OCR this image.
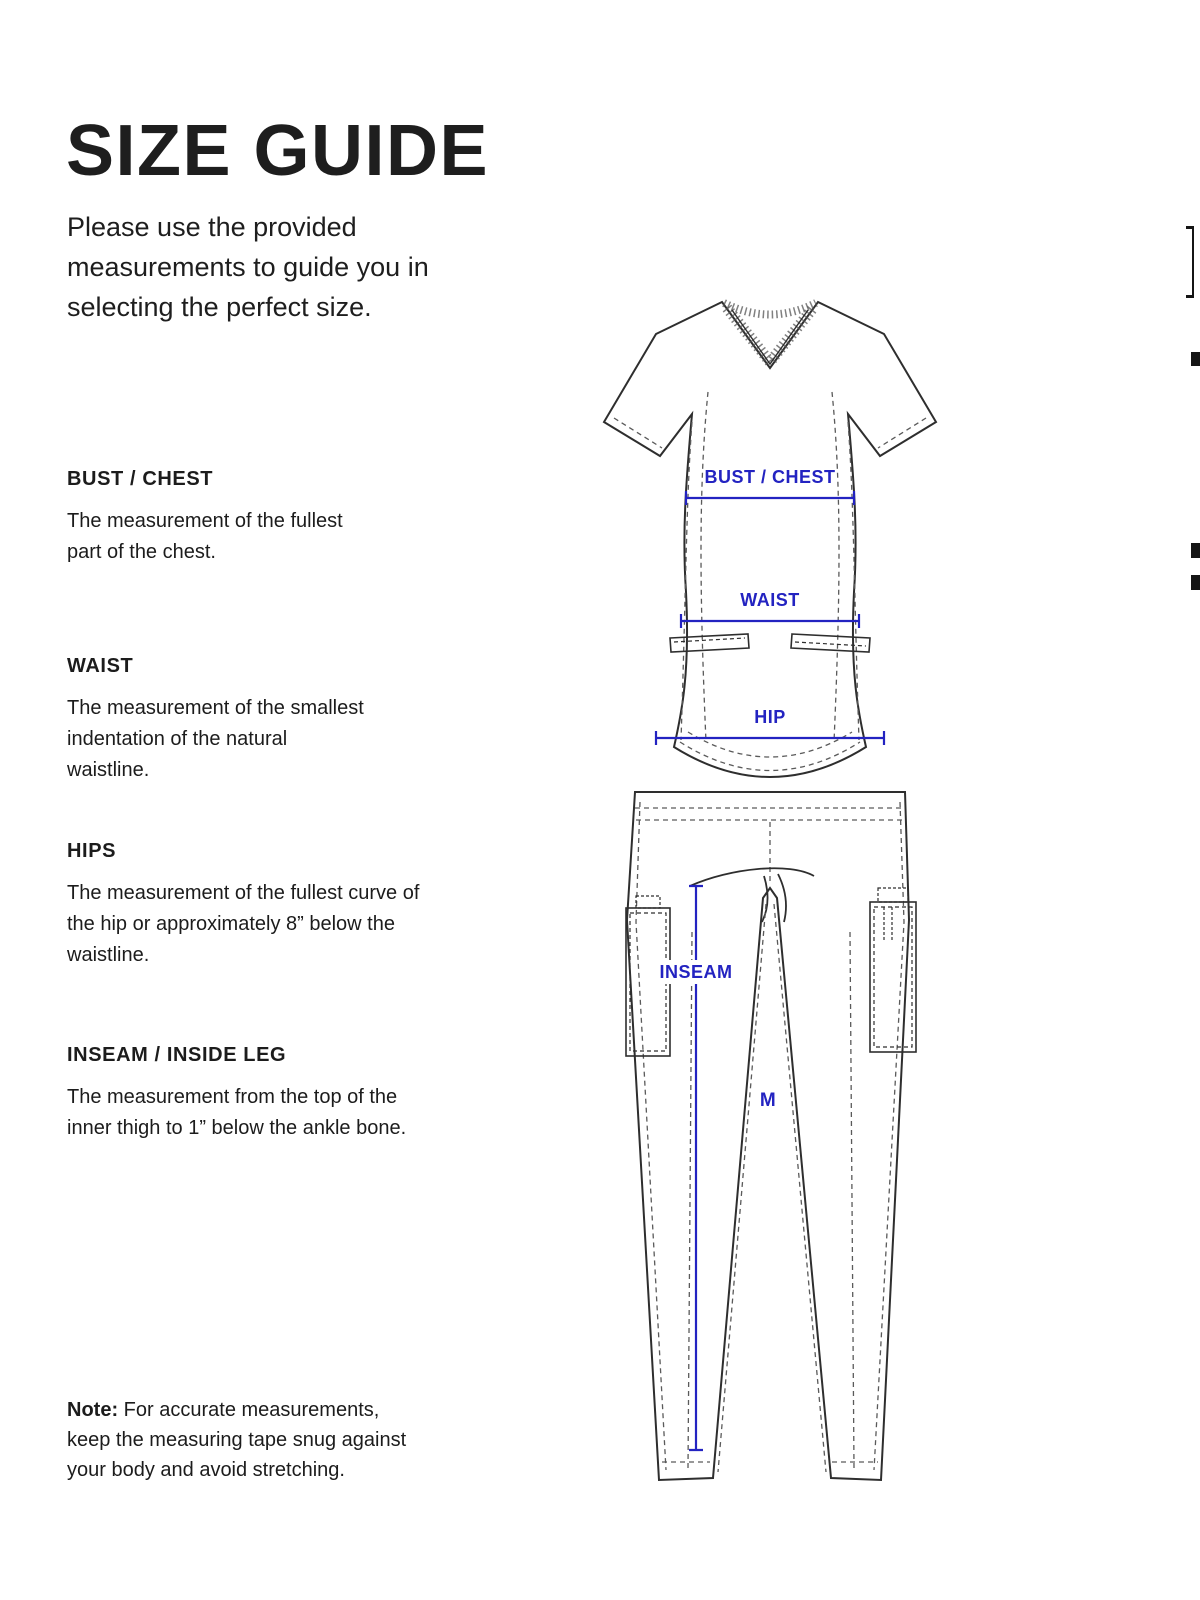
SIZE GUIDE

Please use the provided measurements to guide you in selecting the perfect size.

BUST / CHEST

The measurement of the fullest part of the chest.

WAIST

The measurement of the smallest indentation of the natural waistline.

HIPS

The measurement of the fullest curve of the hip or approximately 8” below the waistline.

INSEAM / INSIDE LEG

The measurement from the top of the inner thigh to 1” below the ankle bone.

Note: For accurate measurements, keep the measuring tape snug against your body and avoid stretching.

BUST / CHEST
WAIST
HIP
INSEAM
M
